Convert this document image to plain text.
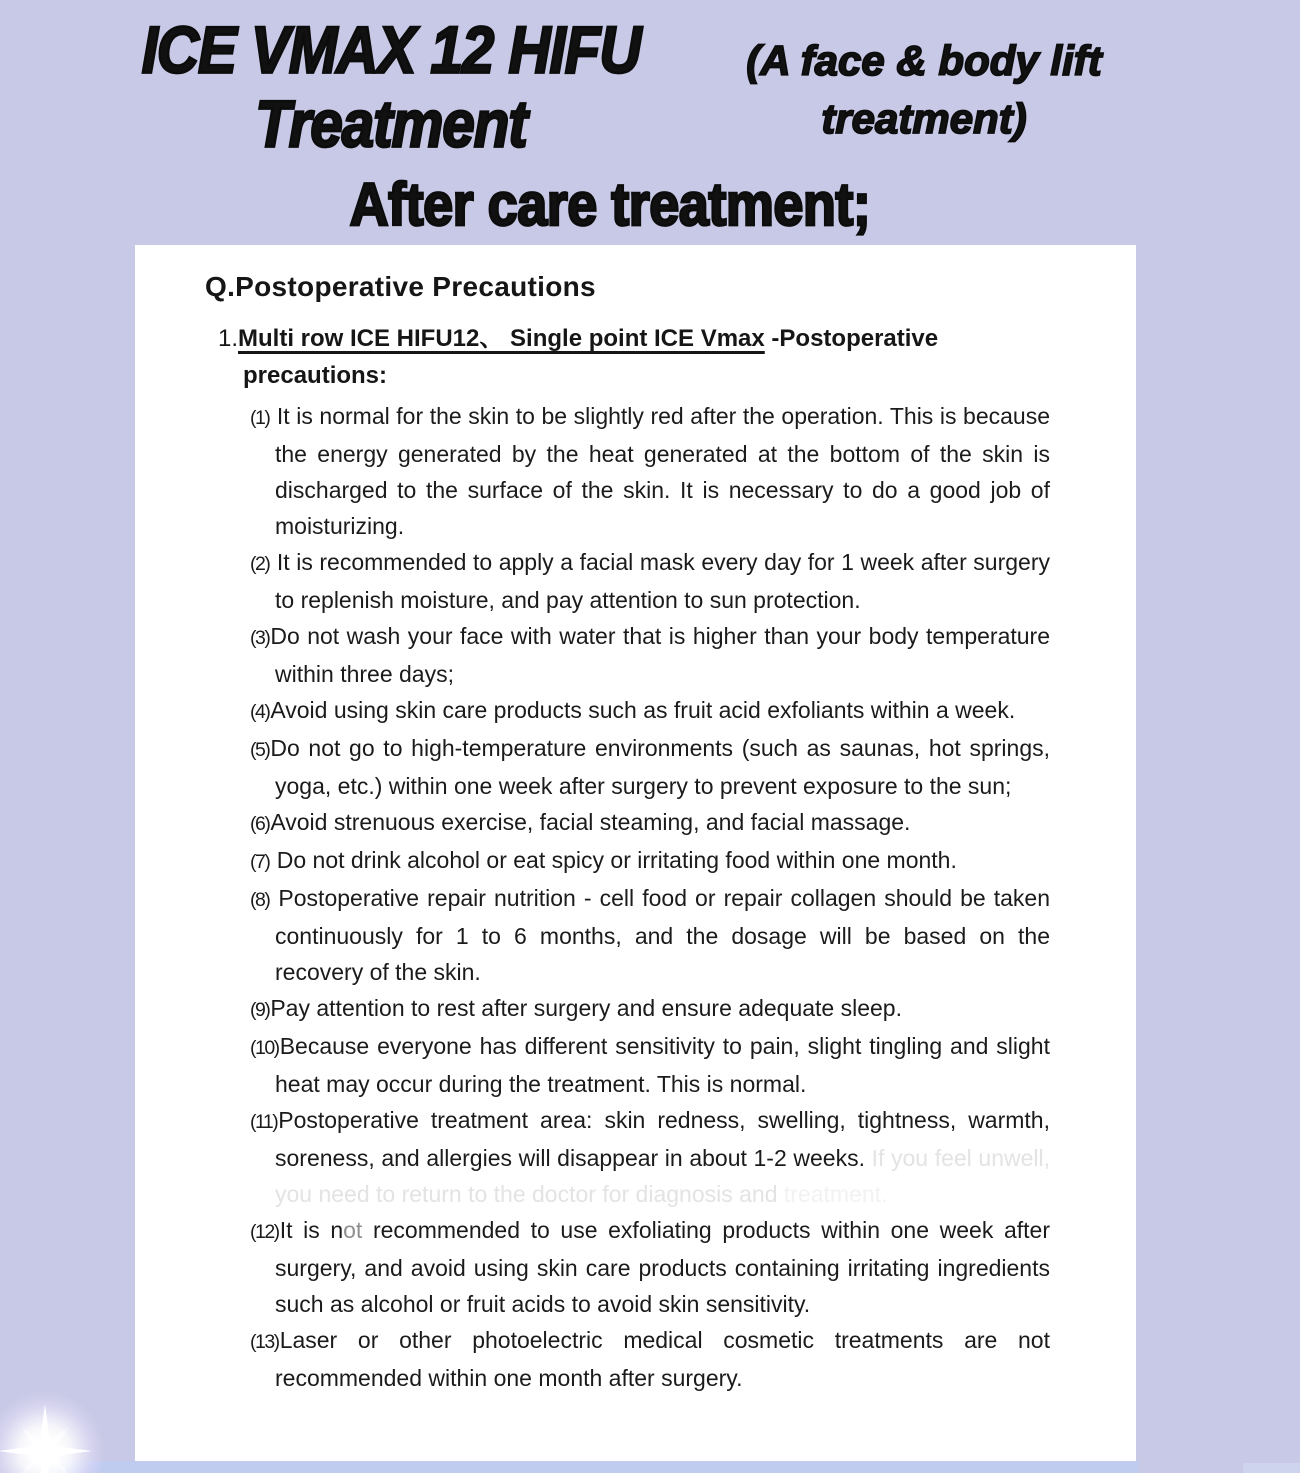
ICE VMAX 12 HIFU
Treatment
(A face & body lift
treatment)
After care treatment;
Q.Postoperative Precautions
1.Multi row ICE HIFU12、 Single point ICE Vmax -Postoperative
precautions:
(1) It is normal for the skin to be slightly red after the operation. This is because the energy generated by the heat generated at the bottom of the skin is discharged to the surface of the skin. It is necessary to do a good job of moisturizing.
(2) It is recommended to apply a facial mask every day for 1 week after surgery to replenish moisture, and pay attention to sun protection.
(3)Do not wash your face with water that is higher than your body temperature within three days;
(4)Avoid using skin care products such as fruit acid exfoliants within a week.
(5)Do not go to high-temperature environments (such as saunas, hot springs, yoga, etc.) within one week after surgery to prevent exposure to the sun;
(6)Avoid strenuous exercise, facial steaming, and facial massage.
(7) Do not drink alcohol or eat spicy or irritating food within one month.
(8) Postoperative repair nutrition - cell food or repair collagen should be taken continuously for 1 to 6 months, and the dosage will be based on the recovery of the skin.
(9)Pay attention to rest after surgery and ensure adequate sleep.
(10)Because everyone has different sensitivity to pain, slight tingling and slight heat may occur during the treatment. This is normal.
(11)Postoperative treatment area: skin redness, swelling, tightness, warmth, soreness, and allergies will disappear in about 1-2 weeks. If you feel unwell, you need to return to the doctor for diagnosis and treatment.
(12)It is not recommended to use exfoliating products within one week after surgery, and avoid using skin care products containing irritating ingredients such as alcohol or fruit acids to avoid skin sensitivity.
(13)Laser or other photoelectric medical cosmetic treatments are not recommended within one month after surgery.
